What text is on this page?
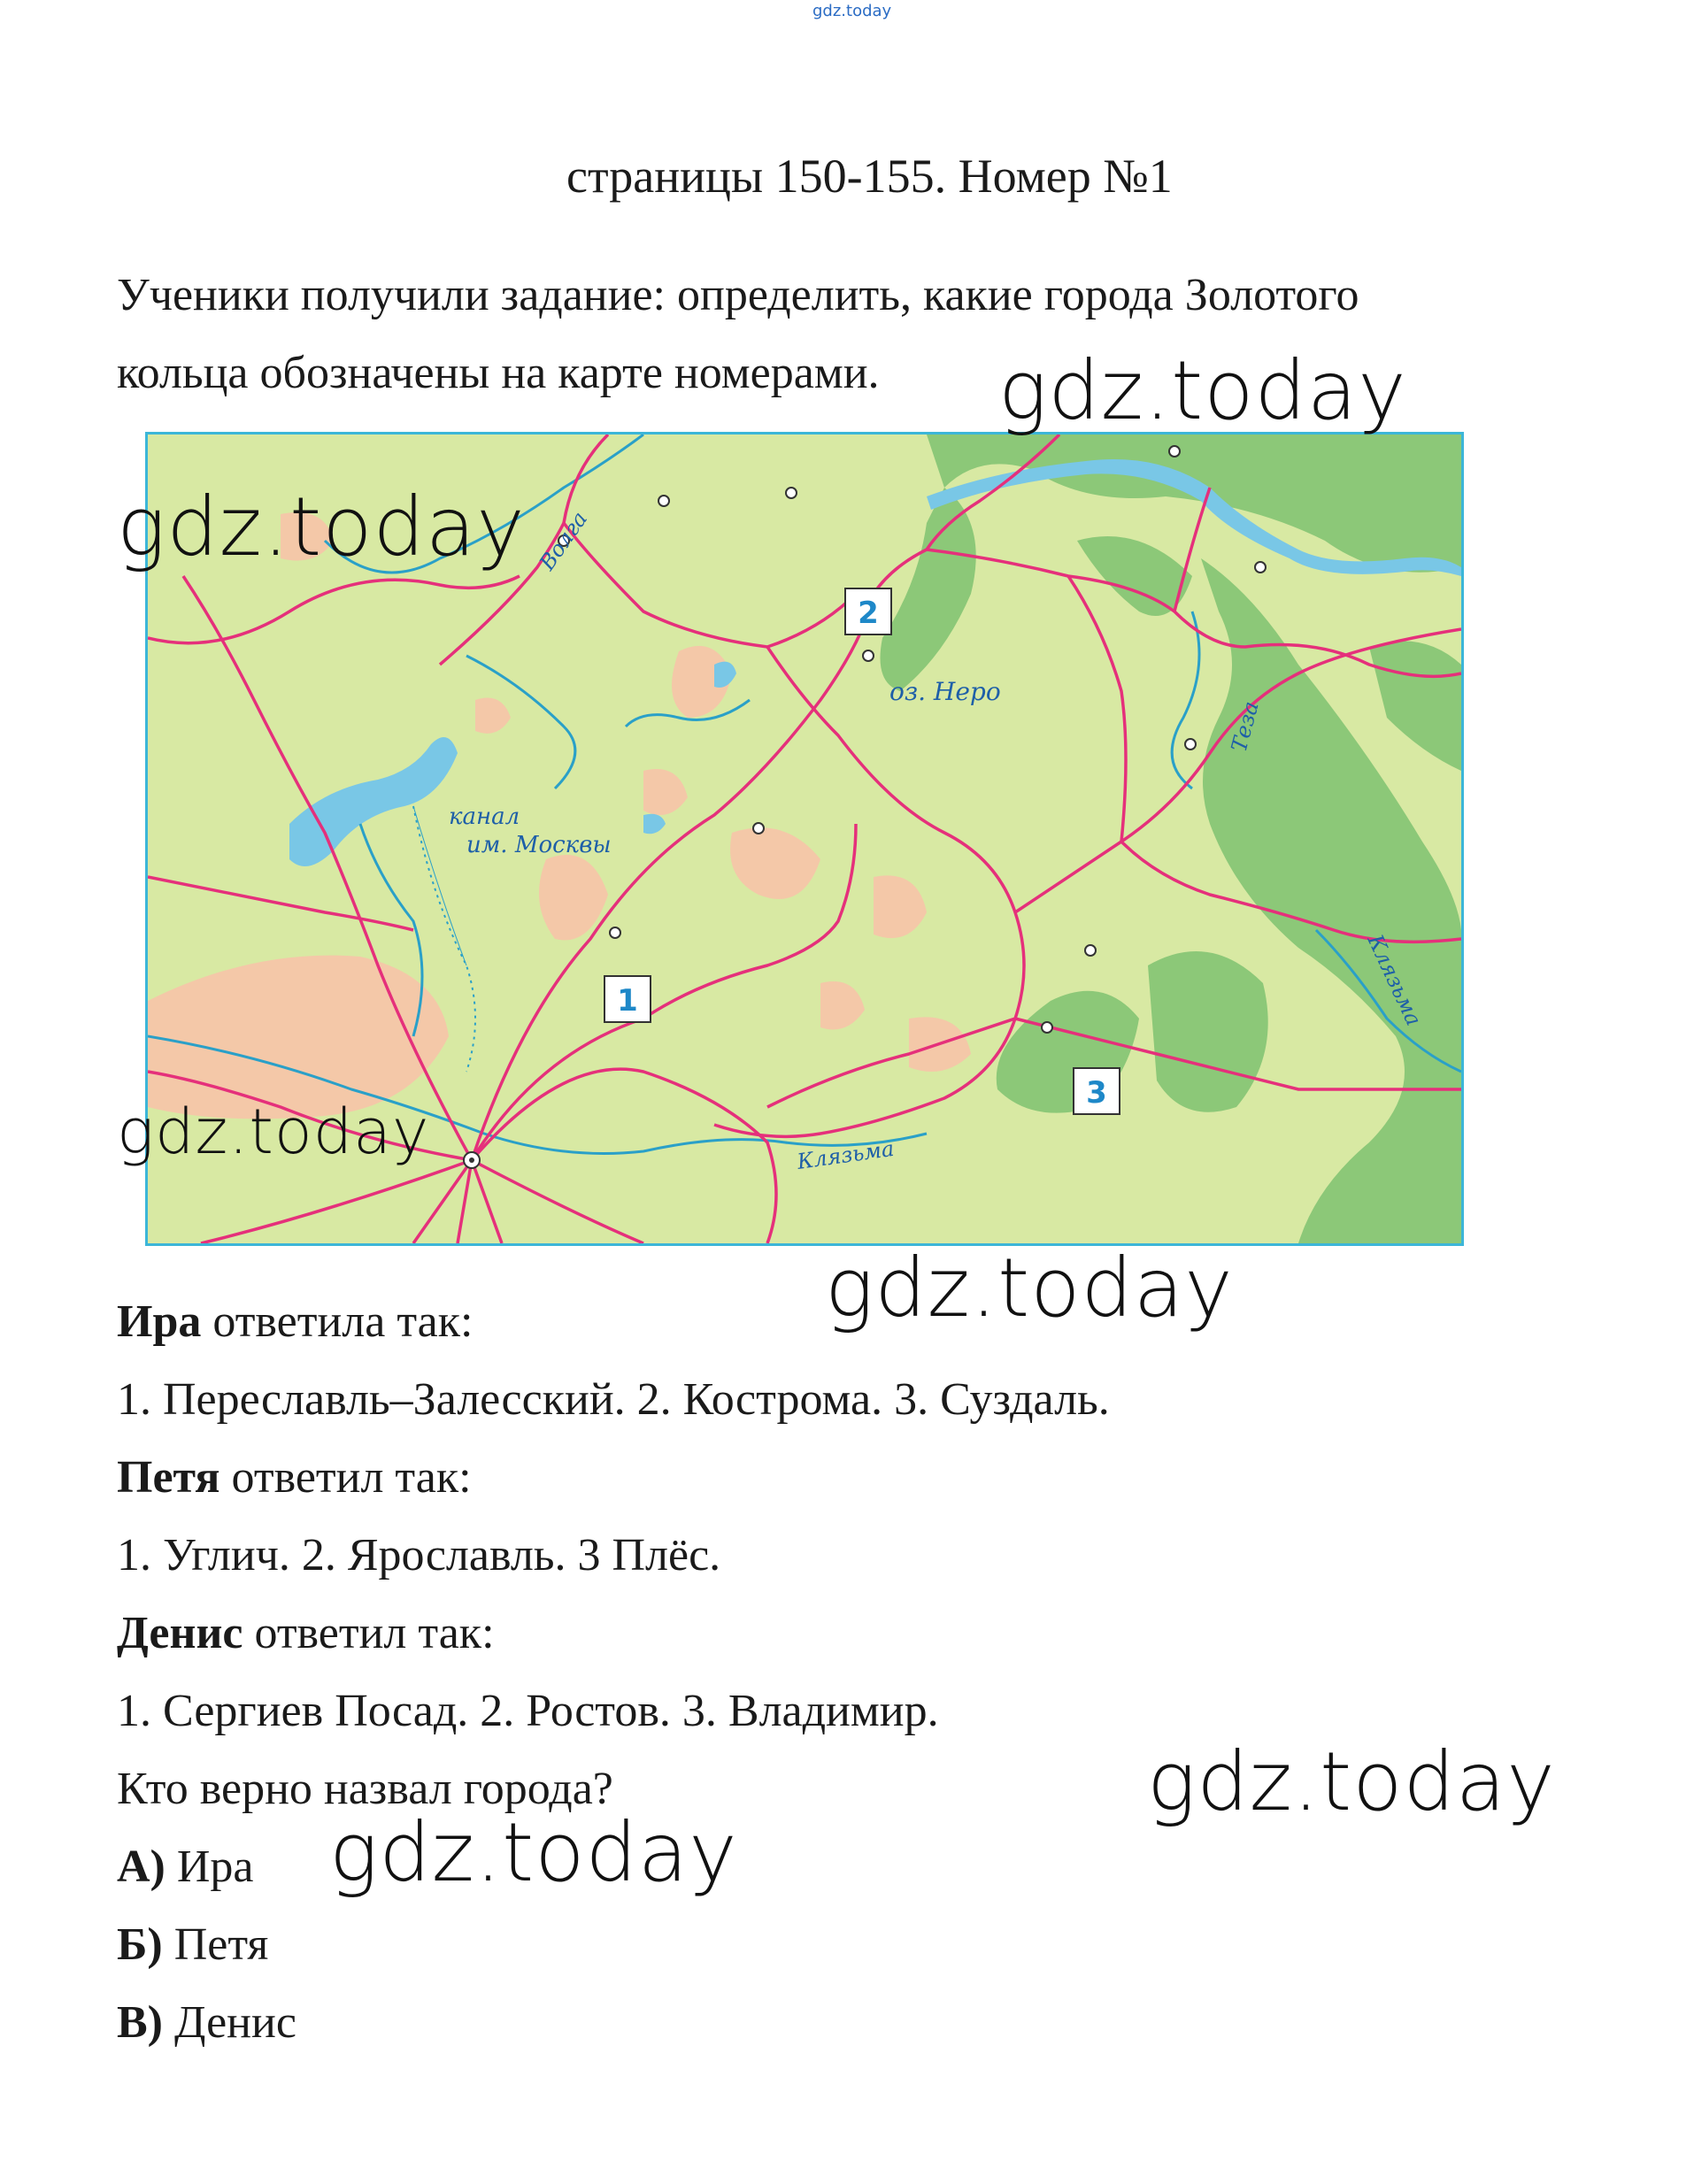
gdz.today
страницы 150-155. Номер №1
Ученики получили задание: определить, какие города Золотого
кольца обозначены на карте номерами.
Волга
оз. Неро
канал
им. Москвы
Теза
Клязьма
Клязьма
1
2
3
gdz.today
gdz.today
gdz.today
gdz.today
gdz.today
gdz.today
Ира ответила так:
1. Переславль–Залесский. 2. Кострома. 3. Суздаль.
Петя ответил так:
1. Углич. 2. Ярославль. 3 Плёс.
Денис ответил так:
1. Сергиев Посад. 2. Ростов. 3. Владимир.
Кто верно назвал города?
А) Ира
Б) Петя
В) Денис
